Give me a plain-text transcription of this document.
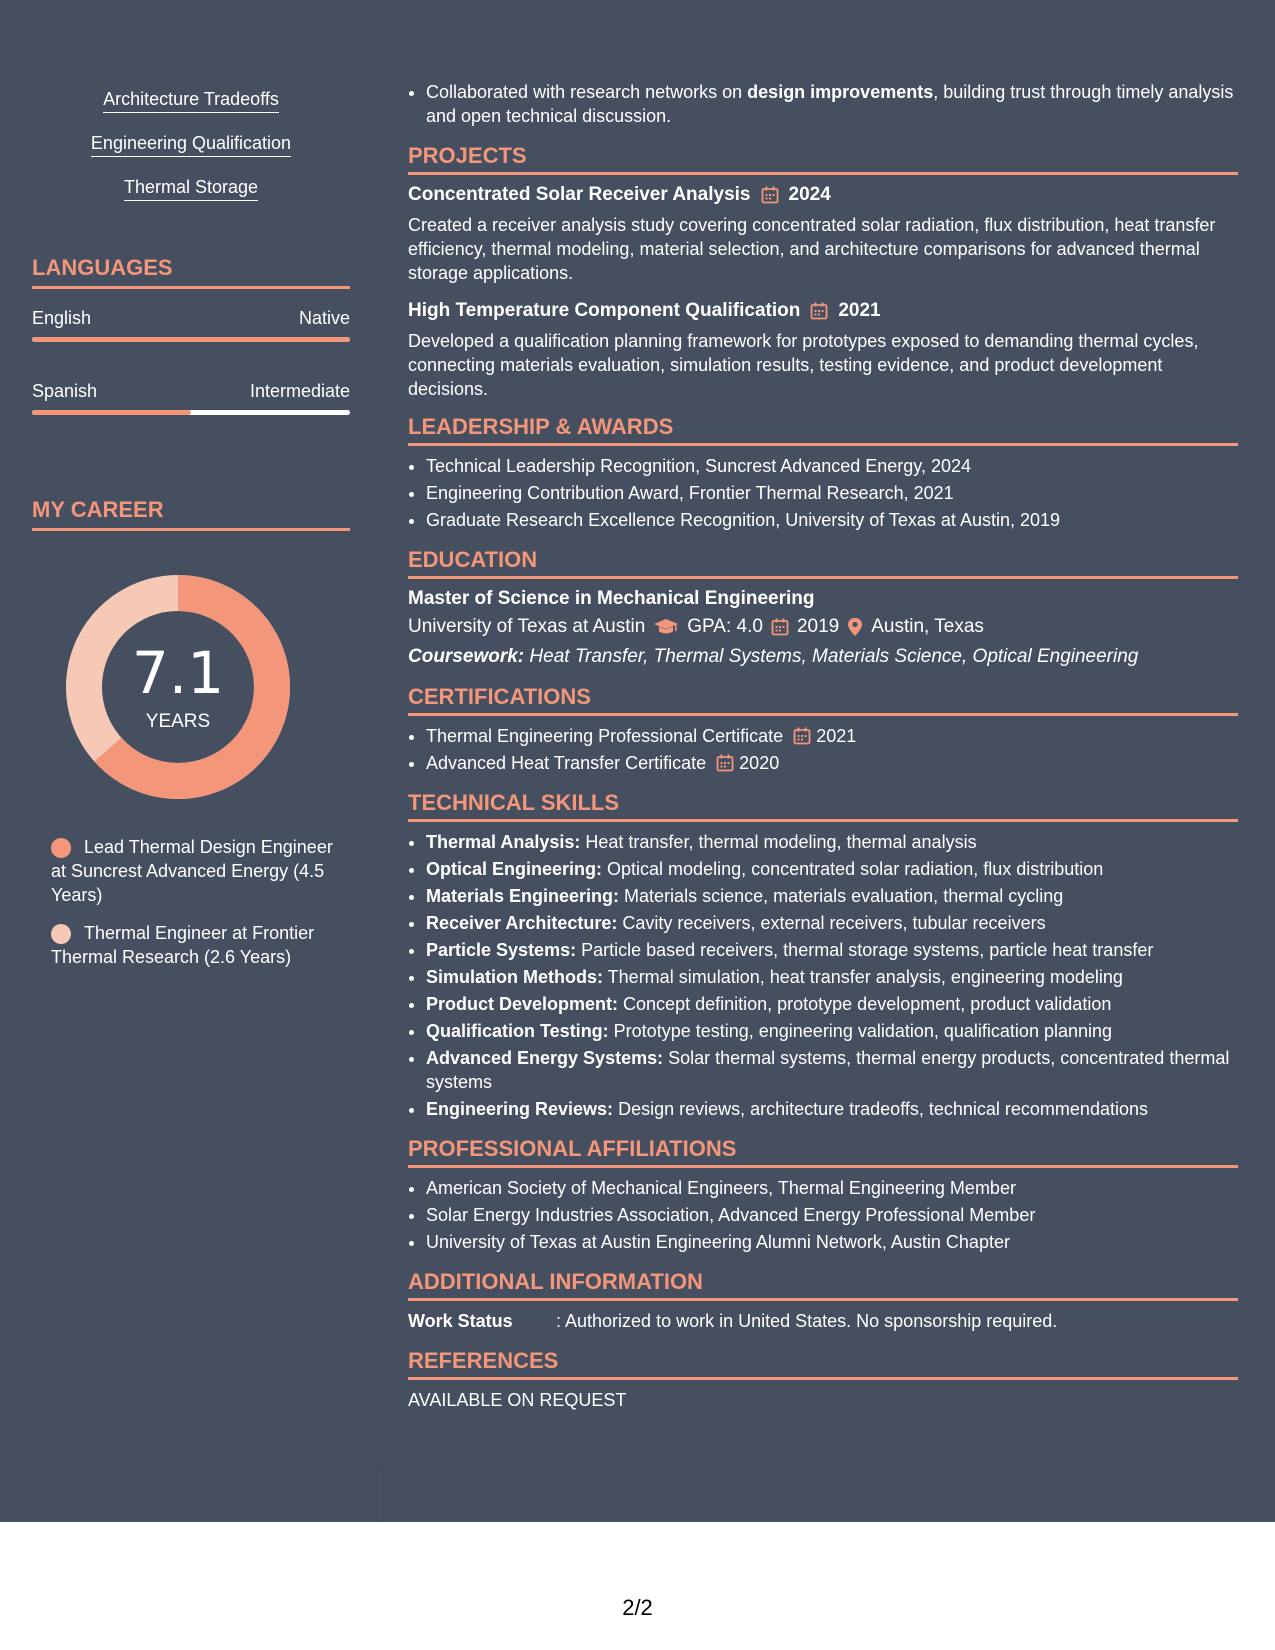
Architecture Tradeoffs
Engineering Qualification
Thermal Storage
LANGUAGES
English	Native
Spanish	Intermediate
MY CAREER
7.1
YEARS
Lead Thermal Design Engineer at Suncrest Advanced Energy (4.5 Years)
Thermal Engineer at Frontier Thermal Research (2.6 Years)
• Collaborated with research networks on design improvements, building trust through timely analysis and open technical discussion.
PROJECTS
Concentrated Solar Receiver Analysis 2024
Created a receiver analysis study covering concentrated solar radiation, flux distribution, heat transfer efficiency, thermal modeling, material selection, and architecture comparisons for advanced thermal storage applications.
High Temperature Component Qualification 2021
Developed a qualification planning framework for prototypes exposed to demanding thermal cycles, connecting materials evaluation, simulation results, testing evidence, and product development decisions.
LEADERSHIP & AWARDS
• Technical Leadership Recognition, Suncrest Advanced Energy, 2024
• Engineering Contribution Award, Frontier Thermal Research, 2021
• Graduate Research Excellence Recognition, University of Texas at Austin, 2019
EDUCATION
Master of Science in Mechanical Engineering
University of Texas at Austin GPA: 4.0 2019 Austin, Texas
Coursework: Heat Transfer, Thermal Systems, Materials Science, Optical Engineering
CERTIFICATIONS
• Thermal Engineering Professional Certificate 2021
• Advanced Heat Transfer Certificate 2020
TECHNICAL SKILLS
• Thermal Analysis: Heat transfer, thermal modeling, thermal analysis
• Optical Engineering: Optical modeling, concentrated solar radiation, flux distribution
• Materials Engineering: Materials science, materials evaluation, thermal cycling
• Receiver Architecture: Cavity receivers, external receivers, tubular receivers
• Particle Systems: Particle based receivers, thermal storage systems, particle heat transfer
• Simulation Methods: Thermal simulation, heat transfer analysis, engineering modeling
• Product Development: Concept definition, prototype development, product validation
• Qualification Testing: Prototype testing, engineering validation, qualification planning
• Advanced Energy Systems: Solar thermal systems, thermal energy products, concentrated thermal systems
• Engineering Reviews: Design reviews, architecture tradeoffs, technical recommendations
PROFESSIONAL AFFILIATIONS
• American Society of Mechanical Engineers, Thermal Engineering Member
• Solar Energy Industries Association, Advanced Energy Professional Member
• University of Texas at Austin Engineering Alumni Network, Austin Chapter
ADDITIONAL INFORMATION
Work Status	: Authorized to work in United States. No sponsorship required.
REFERENCES
AVAILABLE ON REQUEST
2/2
